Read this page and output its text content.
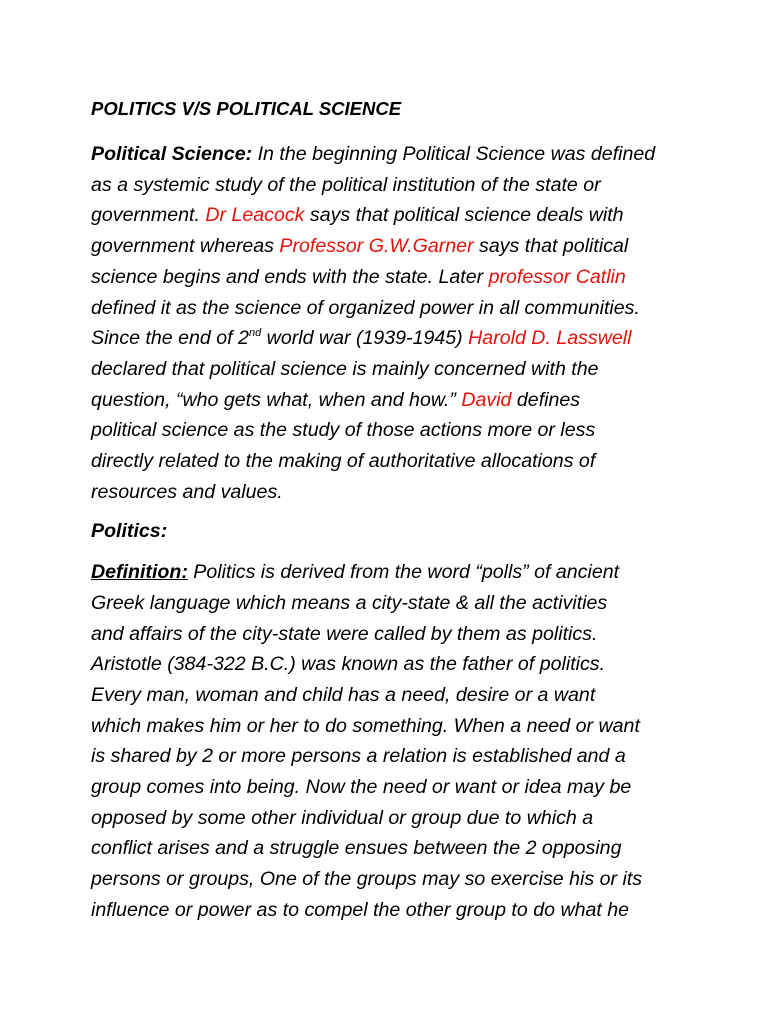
POLITICS V/S POLITICAL SCIENCE
Political Science: In the beginning Political Science was defined
as a systemic study of the political institution of the state or
government. Dr Leacock says that political science deals with
government whereas Professor G.W.Garner says that political
science begins and ends with the state. Later professor Catlin
defined it as the science of organized power in all communities.
Since the end of 2nd world war (1939-1945) Harold D. Lasswell
declared that political science is mainly concerned with the
question, “who gets what, when and how.” David defines
political science as the study of those actions more or less
directly related to the making of authoritative allocations of
resources and values.
Politics:
Definition: Politics is derived from the word “polls” of ancient
Greek language which means a city-state & all the activities
and affairs of the city-state were called by them as politics.
Aristotle (384-322 B.C.) was known as the father of politics.
Every man, woman and child has a need, desire or a want
which makes him or her to do something. When a need or want
is shared by 2 or more persons a relation is established and a
group comes into being. Now the need or want or idea may be
opposed by some other individual or group due to which a
conflict arises and a struggle ensues between the 2 opposing
persons or groups, One of the groups may so exercise his or its
influence or power as to compel the other group to do what he
